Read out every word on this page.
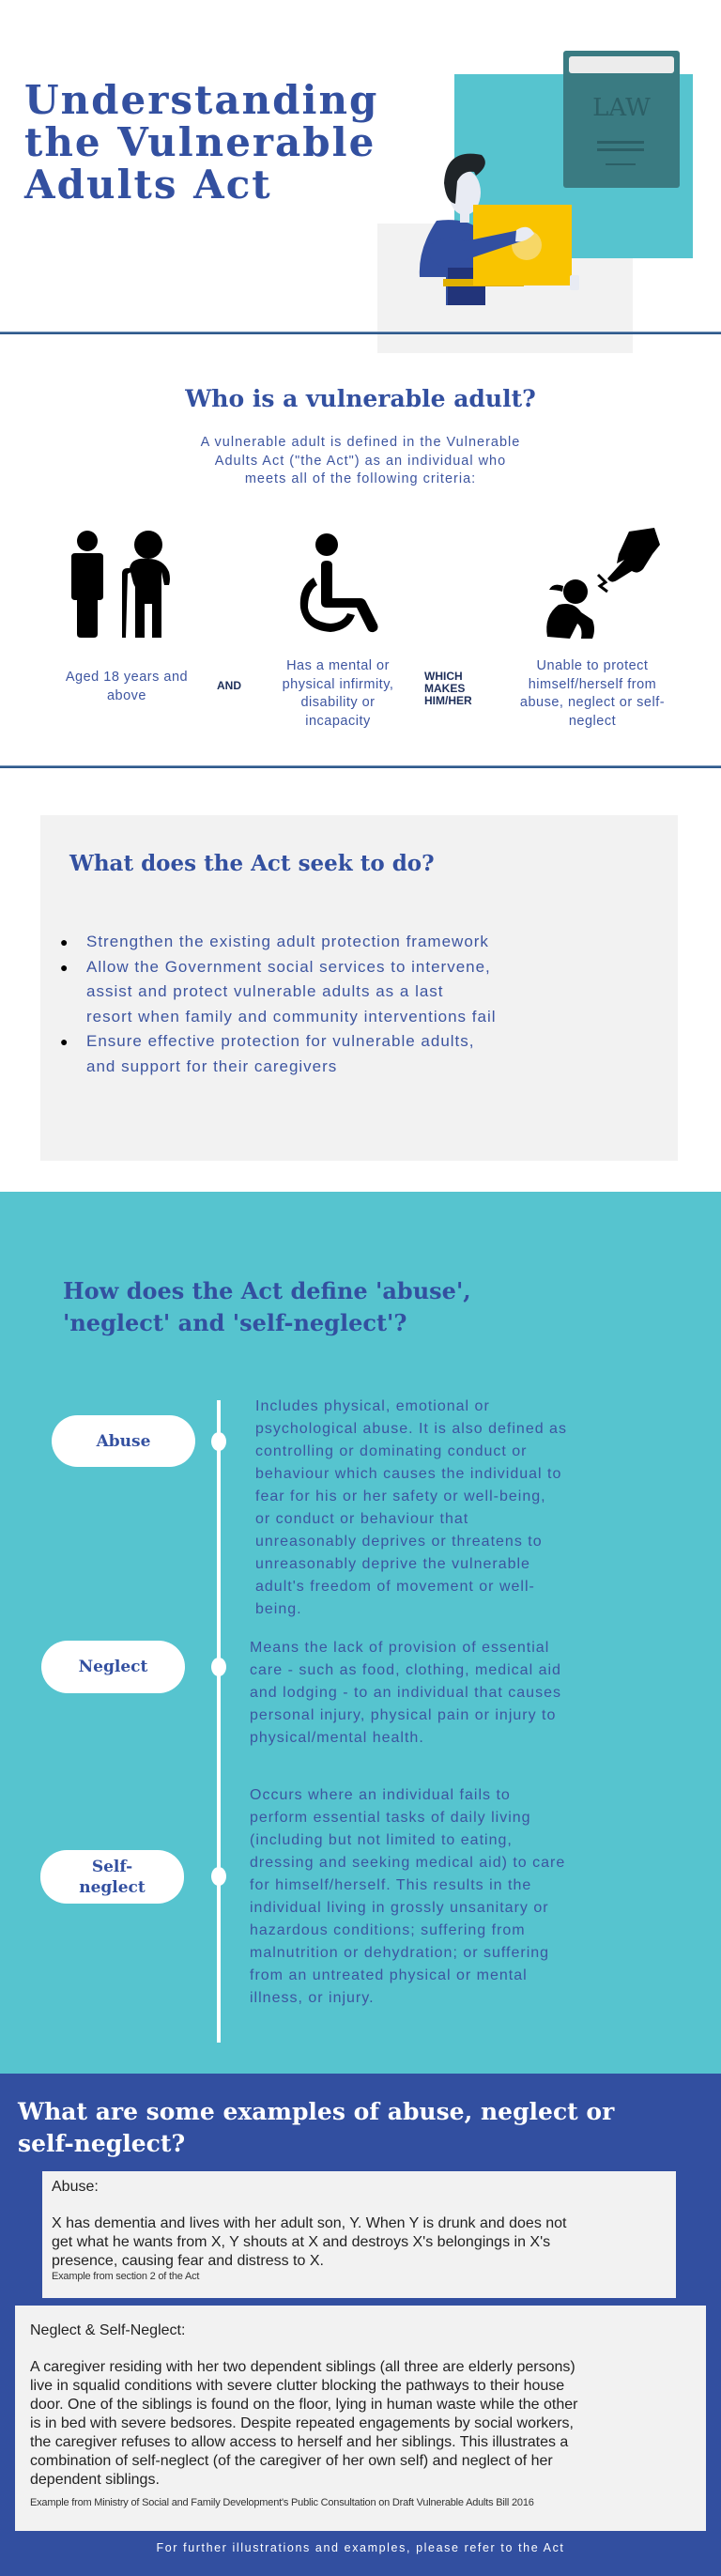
Understanding
the Vulnerable
Adults Act
LAW
Who is a vulnerable adult?
A vulnerable adult is defined in the Vulnerable
Adults Act ("the Act") as an individual who
meets all of the following criteria:
Aged 18 years and
above
AND
Has a mental or
physical infirmity,
disability or
incapacity
WHICH
MAKES
HIM/HER
Unable to protect
himself/herself from
abuse, neglect or self-
neglect
What does the Act seek to do?
● Strengthen the existing adult protection framework
● Allow the Government social services to intervene,
assist and protect vulnerable adults as a last
resort when family and community interventions fail
● Ensure effective protection for vulnerable adults,
and support for their caregivers
How does the Act define 'abuse',
'neglect' and 'self-neglect'?
Abuse
Includes physical, emotional or
psychological abuse. It is also defined as
controlling or dominating conduct or
behaviour which causes the individual to
fear for his or her safety or well-being,
or conduct or behaviour that
unreasonably deprives or threatens to
unreasonably deprive the vulnerable
adult's freedom of movement or well-
being.
Neglect
Means the lack of provision of essential
care - such as food, clothing, medical aid
and lodging - to an individual that causes
personal injury, physical pain or injury to
physical/mental health.
Self-
neglect
Occurs where an individual fails to
perform essential tasks of daily living
(including but not limited to eating,
dressing and seeking medical aid) to care
for himself/herself. This results in the
individual living in grossly unsanitary or
hazardous conditions; suffering from
malnutrition or dehydration; or suffering
from an untreated physical or mental
illness, or injury.
What are some examples of abuse, neglect or
self-neglect?
Abuse:
X has dementia and lives with her adult son, Y. When Y is drunk and does not
get what he wants from X, Y shouts at X and destroys X's belongings in X's
presence, causing fear and distress to X.
Example from section 2 of the Act
Neglect & Self-Neglect:
A caregiver residing with her two dependent siblings (all three are elderly persons)
live in squalid conditions with severe clutter blocking the pathways to their house
door. One of the siblings is found on the floor, lying in human waste while the other
is in bed with severe bedsores. Despite repeated engagements by social workers,
the caregiver refuses to allow access to herself and her siblings. This illustrates a
combination of self-neglect (of the caregiver of her own self) and neglect of her
dependent siblings.
Example from Ministry of Social and Family Development's Public Consultation on Draft Vulnerable Adults Bill 2016
For further illustrations and examples, please refer to the Act
